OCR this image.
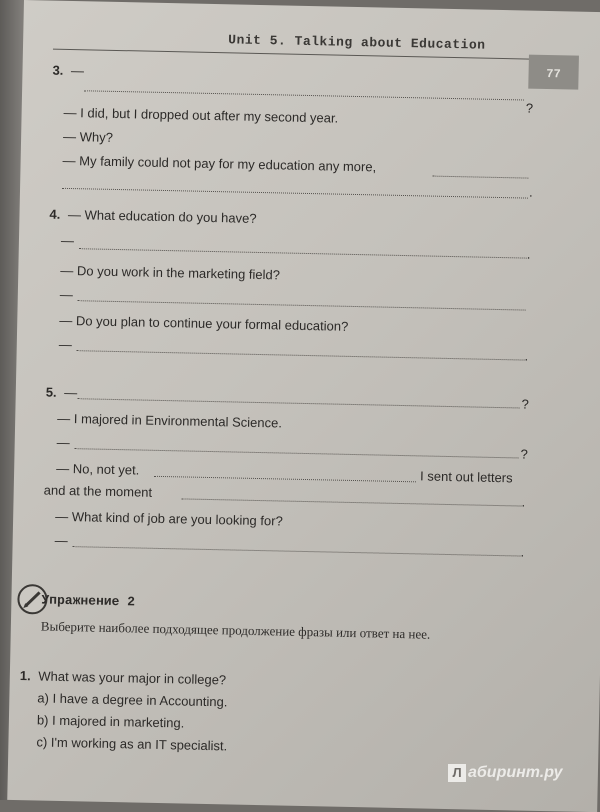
Unit 5. Talking about Education
77
3. —
?
— I did, but I dropped out after my second year.
— Why?
— My family could not pay for my education any more,
.
4. — What education do you have?
—
.
— Do you work in the marketing field?
—
— Do you plan to continue your formal education?
—
.
5. —
?
— I majored in Environmental Science.
—
?
— No, not yet.	I sent out letters
and at the moment
.
— What kind of job are you looking for?
—
.
Упражнение 2
Выберите наиболее подходящее продолжение фразы или ответ на нее.
1. What was your major in college?
a) I have a degree in Accounting.
b) I majored in marketing.
c) I'm working as an IT specialist.
Л абиринт.ру
